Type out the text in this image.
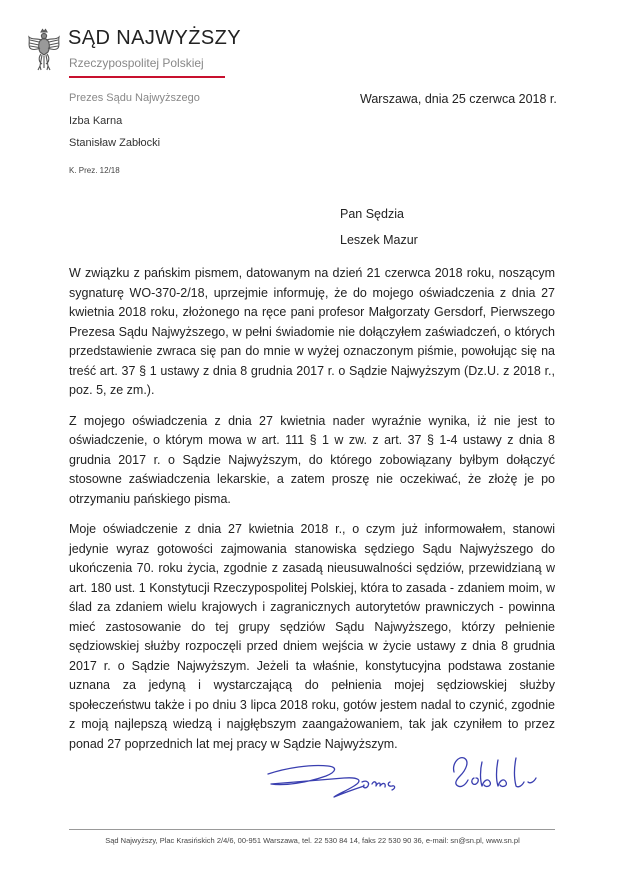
SĄD NAJWYŻSZY
Rzeczypospolitej Polskiej
Prezes Sądu Najwyższego
Izba Karna
Stanisław Zabłocki
K. Prez. 12/18
Warszawa, dnia 25 czerwca 2018 r.
Pan Sędzia
Leszek Mazur

W związku z pańskim pismem, datowanym na dzień 21 czerwca 2018 roku, noszącym sygnaturę WO-370-2/18, uprzejmie informuję, że do mojego oświadczenia z dnia 27 kwietnia 2018 roku, złożonego na ręce pani profesor Małgorzaty Gersdorf, Pierwszego Prezesa Sądu Najwyższego, w pełni świadomie nie dołączyłem zaświadczeń, o których przedstawienie zwraca się pan do mnie w wyżej oznaczonym piśmie, powołując się na treść art. 37 § 1 ustawy z dnia 8 grudnia 2017 r. o Sądzie Najwyższym (Dz.U. z 2018 r., poz. 5, ze zm.).

Z mojego oświadczenia z dnia 27 kwietnia nader wyraźnie wynika, iż nie jest to oświadczenie, o którym mowa w art. 111 § 1 w zw. z art. 37 § 1-4 ustawy z dnia 8 grudnia 2017 r. o Sądzie Najwyższym, do którego zobowiązany byłbym dołączyć stosowne zaświadczenia lekarskie, a zatem proszę nie oczekiwać, że złożę je po otrzymaniu pańskiego pisma.

Moje oświadczenie z dnia 27 kwietnia 2018 r., o czym już informowałem, stanowi jedynie wyraz gotowości zajmowania stanowiska sędziego Sądu Najwyższego do ukończenia 70. roku życia, zgodnie z zasadą nieusuwalności sędziów, przewidzianą w art. 180 ust. 1 Konstytucji Rzeczypospolitej Polskiej, która to zasada - zdaniem moim, w ślad za zdaniem wielu krajowych i zagranicznych autorytetów prawniczych - powinna mieć zastosowanie do tej grupy sędziów Sądu Najwyższego, którzy pełnienie sędziowskiej służby rozpoczęli przed dniem wejścia w życie ustawy z dnia 8 grudnia 2017 r. o Sądzie Najwyższym. Jeżeli ta właśnie, konstytucyjna podstawa zostanie uznana za jedyną i wystarczającą do pełnienia mojej sędziowskiej służby społeczeństwu także i po dniu 3 lipca 2018 roku, gotów jestem nadal to czynić, zgodnie z moją najlepszą wiedzą i najgłębszym zaangażowaniem, tak jak czyniłem to przez ponad 27 poprzednich lat mej pracy w Sądzie Najwyższym.

Sąd Najwyższy, Plac Krasińskich 2/4/6, 00-951 Warszawa, tel. 22 530 84 14, faks 22 530 90 36, e-mail: sn@sn.pl, www.sn.pl
